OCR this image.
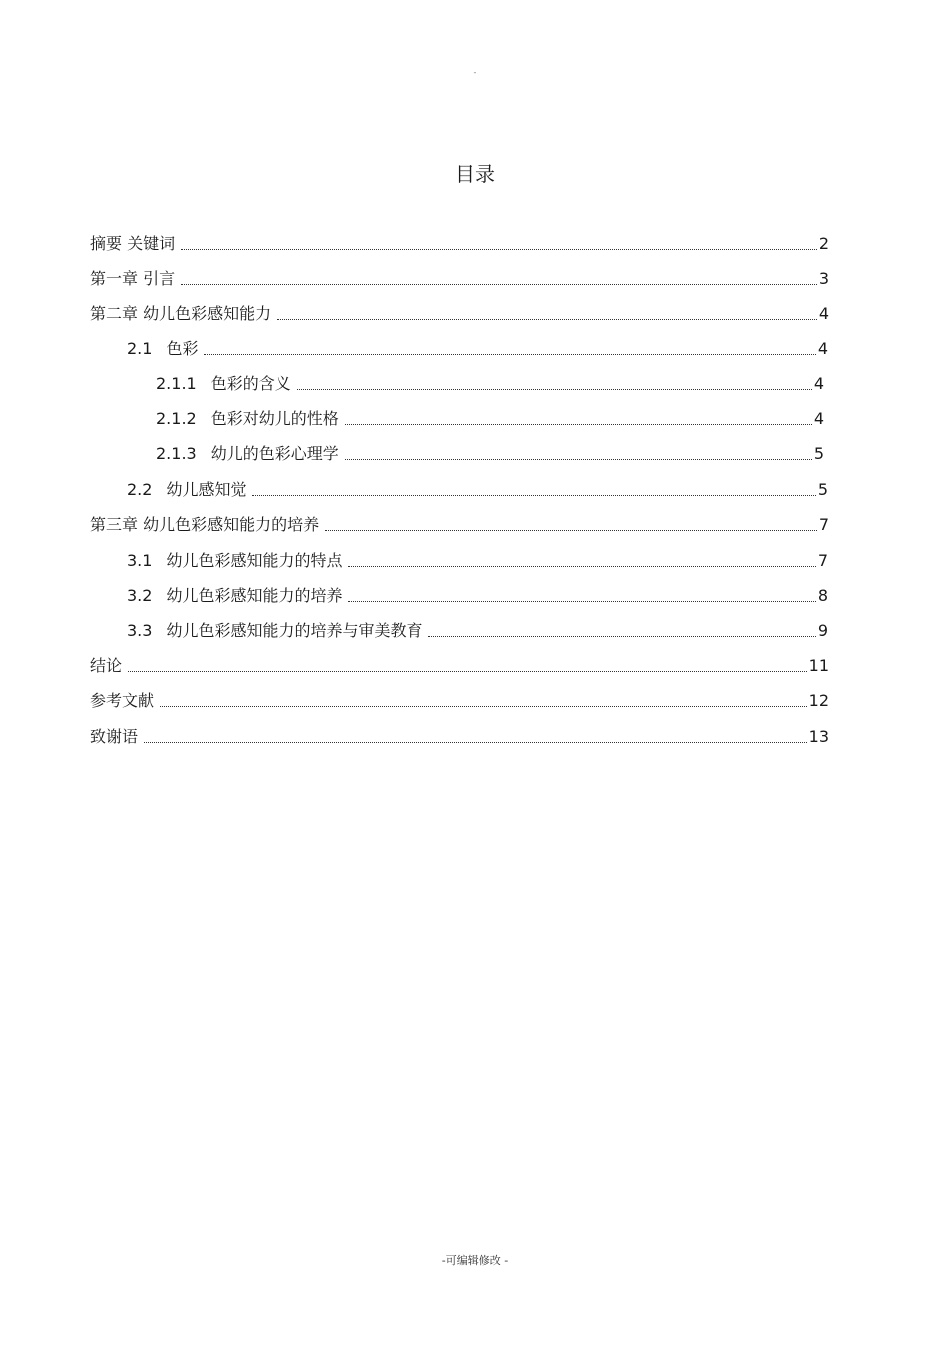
-
目录
摘要 关键词	2
第一章 引言	3
第二章 幼儿色彩感知能力	4
2.1 色彩	4
2.1.1 色彩的含义	4
2.1.2 色彩对幼儿的性格	4
2.1.3 幼儿的色彩心理学	5
2.2 幼儿感知觉	5
第三章 幼儿色彩感知能力的培养	7
3.1 幼儿色彩感知能力的特点	7
3.2 幼儿色彩感知能力的培养	8
3.3 幼儿色彩感知能力的培养与审美教育	9
结论	11
参考文献	12
致谢语	13
-可编辑修改 -
